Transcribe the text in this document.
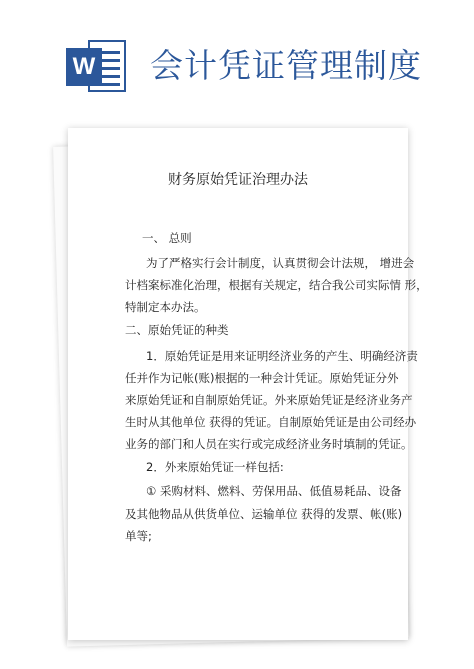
W 会计凭证管理制度
财务原始凭证治理办法
一、 总则
为了严格实行会计制度，认真贯彻会计法规， 增进会
计档案标准化治理，根据有关规定，结合我公司实际情 形，
特制定本办法。
二、原始凭证的种类
1．原始凭证是用来证明经济业务的产生、明确经济责
任并作为记帐(账)根据的一种会计凭证。原始凭证分外
来原始凭证和自制原始凭证。外来原始凭证是经济业务产
生时从其他单位 获得的凭证。自制原始凭证是由公司经办
业务的部门和人员在实行或完成经济业务时填制的凭证。
2．外来原始凭证一样包括:
① 采购材料、燃料、劳保用品、低值易耗品、设备
及其他物品从供货单位、运输单位 获得的发票、帐(账)
单等;
